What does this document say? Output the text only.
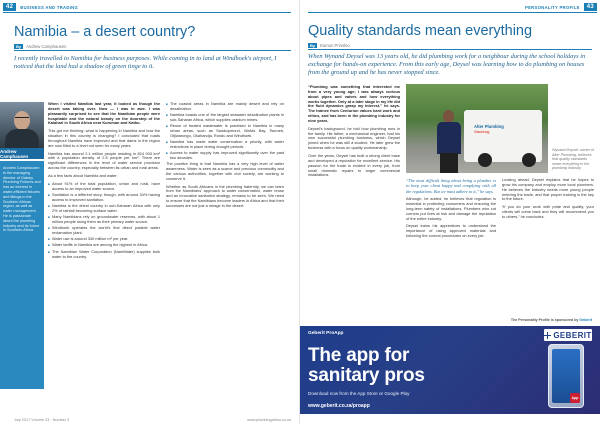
42	BUSINESS AND TRADING
Namibia – a desert country?
By	Andrew Camphausen

I recently travelled to Namibia for business purposes. While coming in to land at Windhoek's airport, I noticed that the land had a shadow of green tinge to it.

Andrew Camphausen

Andrew Camphausen is the managing director of Gatsby Plumbing Fixtures and has an interest in water-efficient fixtures and fittings in the Southern African region, as well as water management. He is passionate about the plumbing industry and its future in Southern Africa.

When I visited Namibia last year, it looked as though the desert was taking over. Now — I was in awe. I was pleasantly surprised to see that the Namibian people were hospitable and the natural beauty on the doorstep of the Kalahari in South Africa near Kuruman and Kathu.

This got me thinking: what is happening in Namibia and how the situation in this country is changing? I concluded that roads throughout Namibia have improved and that dams in the region are now filled to a level not seen for many years.

Namibia has around 2.1 million people residing in 824 000 km² with a population density of 2.5 people per km². There are significant differences in the level of water service provision across the country, especially between its urban and rural areas.

As a few facts about Namibia and water:

■ About 91% of the total population, urban and rural, have access to an improved water source.
■ Sanitation is a different story, though, with around 34% having access to improved sanitation.
■ Namibia is the driest country in sub-Saharan Africa with only 2% of rainfall becoming surface water.
■ Many Namibians rely on groundwater reserves, with about 1 million people using them as their primary water source.
■ Windhoek operates the world's first direct potable water reclamation plant.
■ Water use is around 330 million m³ per year.
■ Water tariffs in Namibia are among the highest in Africa.
■ The Namibian Water Corporation (NamWater) supplies bulk water to the country.
■ The coastal areas in Namibia are mainly desert and rely on desalination.
■ Namibia boasts one of the largest seawater desalination plants in sub-Saharan Africa, which supplies uranium mines.
■ Reuse of treated wastewater is practised in Namibia in many urban areas, such as Swakopmund, Walvis Bay, Tsumeb, Otjiwarongo, Okahandja, Rundu and Windhoek.
■ Namibia has made water conservation a priority, with water restrictions in place during drought periods.
■ Access to water supply has improved significantly over the past two decades.

The positive thing is that Namibia has a very high level of water awareness. Water is seen as a scarce and precious commodity and the various authorities, together with civil society, are working to conserve it.

Whether as South Africans in the plumbing fraternity, we can learn from the Namibians' approach to water conservation, water reuse and an innovative sanitation strategy, remains to be seen. We need to ensure that the Namibians become leaders in Africa and that their successes are not just a mirage in the desert.

July 2017 Volume 23 · Number 3	www.plumbingafrica.co.za
PERSONALITY PROFILE	43
Quality standards mean everything
By	Eamon Prinsloo

When Wynand Deysel was 13 years old, he did plumbing work for a neighbour during the school holidays in exchange for hands-on experience. From this early age, Deysel was learning how to do plumbing on houses from the ground up and he has never stopped since.

“Plumbing was something that interested me from a very young age; I was always curious about pipes and valves and how everything works together. Only at a later stage in my life did the fluid dynamics grasp my interest,” he says. The trainee from Centurion values hard work and ethics, and has been in the plumbing industry for nine years.

Deysel's background, he told how plumbing runs in the family. His father, a mechanical engineer, had his own successful plumbing business, which Deysel joined when he was still a student. He later grew the business with a focus on quality workmanship.

Over the years, Deysel has built a strong client base and developed a reputation for excellent service. His passion for the trade is evident in every job, from small domestic repairs to larger commercial installations.

Alter Plumbing
Gauteng

Wynand Deysel: owner of Alter Plumbing, believes that quality standards mean everything in the plumbing industry.

“The most difficult thing about being a plumber is to keep your client happy and complying with all the regulations. But we must adhere to it,” he says.

Although, he added, he believes that regulation is essential in protecting consumers and ensuring the long-term safety of installations. Plumbers who cut corners put lives at risk and damage the reputation of the entire industry.

Deysel trains his apprentices to understand the importance of using approved materials and following the correct procedures on every job.

Looking ahead, Deysel explains that he hopes to grow his company and employ more local plumbers. He believes the industry needs more young people entering the trade, and that proper training is the key to the future.

“If you do your work with pride and quality, your clients will come back and they will recommend you to others,” he concludes.

The Personality Profile is sponsored by Geberit
Geberit ProApp	GEBERIT
The app for
sanitary pros

Download now from the App Store or Google Play

www.geberit.co.za/proapp
App
